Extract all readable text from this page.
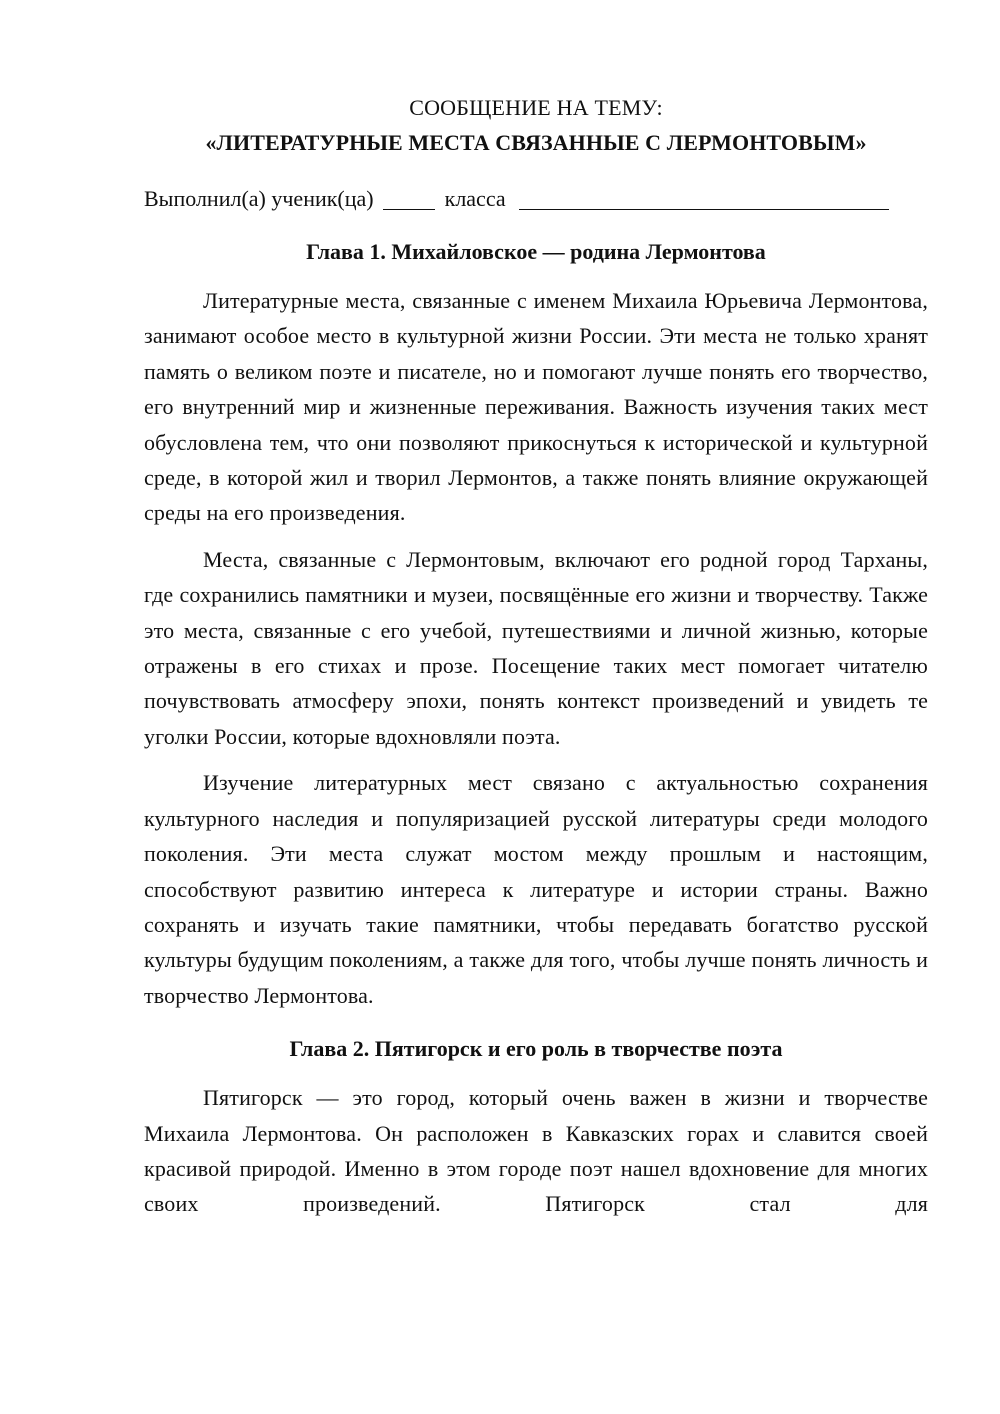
СООБЩЕНИЕ НА ТЕМУ:

«ЛИТЕРАТУРНЫЕ МЕСТА СВЯЗАННЫЕ С ЛЕРМОНТОВЫМ»

Выполнил(а) ученик(ца)	класса
Глава 1. Михайловское — родина Лермонтова

Литературные места, связанные с именем Михаила Юрьевича Лермонтова, занимают особое место в культурной жизни России. Эти места не только хранят память о великом поэте и писателе, но и помогают лучше понять его творчество, его внутренний мир и жизненные переживания. Важность изучения таких мест обусловлена тем, что они позволяют прикоснуться к исторической и культурной среде, в которой жил и творил Лермонтов, а также понять влияние окружающей среды на его произведения.

Места, связанные с Лермонтовым, включают его родной город Тарханы, где сохранились памятники и музеи, посвящённые его жизни и творчеству. Также это места, связанные с его учебой, путешествиями и личной жизнью, которые отражены в его стихах и прозе. Посещение таких мест помогает читателю почувствовать атмосферу эпохи, понять контекст произведений и увидеть те уголки России, которые вдохновляли поэта.

Изучение литературных мест связано с актуальностью сохранения культурного наследия и популяризацией русской литературы среди молодого поколения. Эти места служат мостом между прошлым и настоящим, способствуют развитию интереса к литературе и истории страны. Важно сохранять и изучать такие памятники, чтобы передавать богатство русской культуры будущим поколениям, а также для того, чтобы лучше понять личность и творчество Лермонтова.

Глава 2. Пятигорск и его роль в творчестве поэта

Пятигорск — это город, который очень важен в жизни и творчестве Михаила Лермонтова. Он расположен в Кавказских горах и славится своей красивой природой. Именно в этом городе поэт нашел вдохновение для многих своих произведений. Пятигорск стал для
